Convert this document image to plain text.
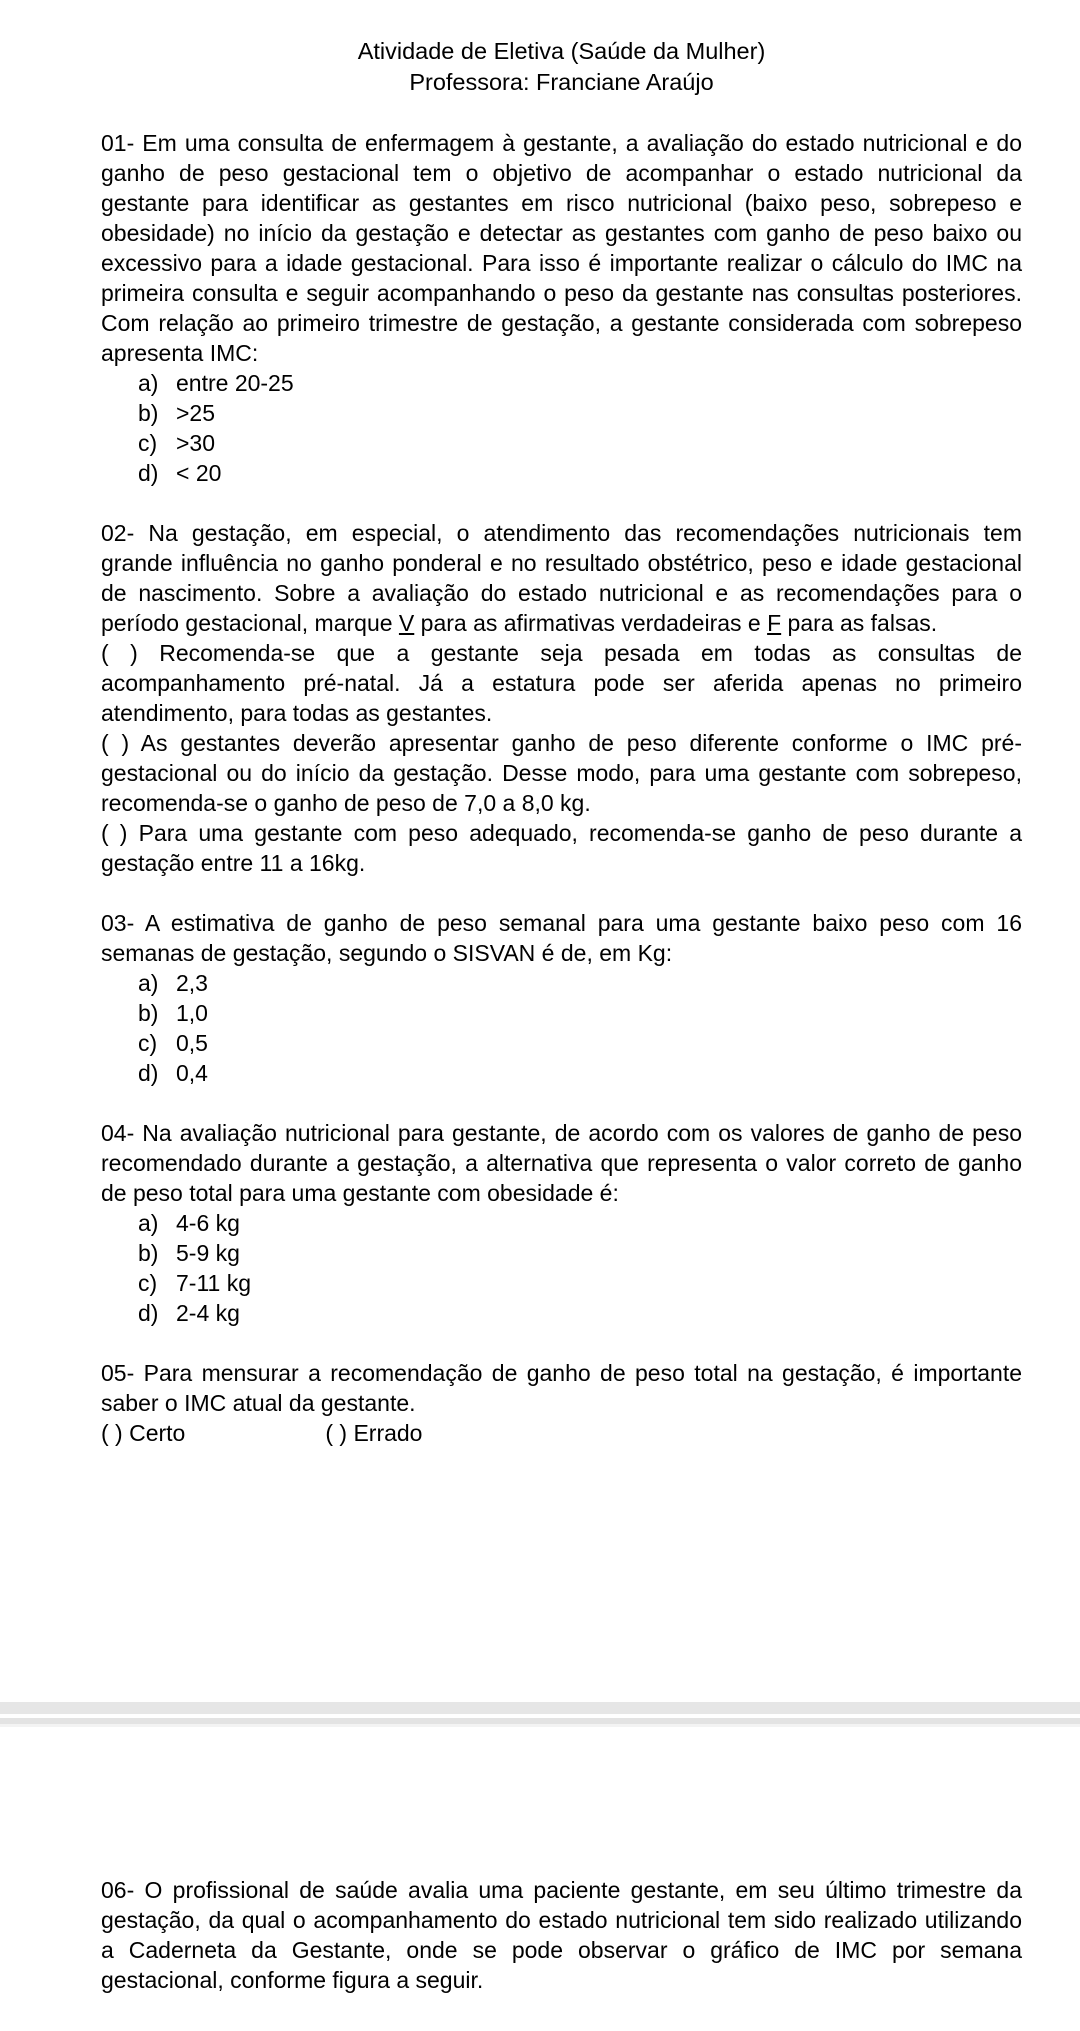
Atividade de Eletiva (Saúde da Mulher)
Professora: Franciane Araújo
01- Em uma consulta de enfermagem à gestante, a avaliação do estado nutricional e do ganho de peso gestacional tem o objetivo de acompanhar o estado nutricional da gestante para identificar as gestantes em risco nutricional (baixo peso, sobrepeso e obesidade) no início da gestação e detectar as gestantes com ganho de peso baixo ou excessivo para a idade gestacional. Para isso é importante realizar o cálculo do IMC na primeira consulta e seguir acompanhando o peso da gestante nas consultas posteriores. Com relação ao primeiro trimestre de gestação, a gestante considerada com sobrepeso apresenta IMC:
a) entre 20-25
b) >25
c) >30
d) < 20
02- Na gestação, em especial, o atendimento das recomendações nutricionais tem grande influência no ganho ponderal e no resultado obstétrico, peso e idade gestacional de nascimento. Sobre a avaliação do estado nutricional e as recomendações para o período gestacional, marque V para as afirmativas verdadeiras e F para as falsas.
( ) Recomenda-se que a gestante seja pesada em todas as consultas de acompanhamento pré-natal. Já a estatura pode ser aferida apenas no primeiro atendimento, para todas as gestantes.
( ) As gestantes deverão apresentar ganho de peso diferente conforme o IMC pré-gestacional ou do início da gestação. Desse modo, para uma gestante com sobrepeso, recomenda-se o ganho de peso de 7,0 a 8,0 kg.
( ) Para uma gestante com peso adequado, recomenda-se ganho de peso durante a gestação entre 11 a 16kg.
03- A estimativa de ganho de peso semanal para uma gestante baixo peso com 16 semanas de gestação, segundo o SISVAN é de, em Kg:
a) 2,3
b) 1,0
c) 0,5
d) 0,4
04- Na avaliação nutricional para gestante, de acordo com os valores de ganho de peso recomendado durante a gestação, a alternativa que representa o valor correto de ganho de peso total para uma gestante com obesidade é:
a) 4-6 kg
b) 5-9 kg
c) 7-11 kg
d) 2-4 kg
05- Para mensurar a recomendação de ganho de peso total na gestação, é importante saber o IMC atual da gestante.
( ) Certo	( ) Errado
06- O profissional de saúde avalia uma paciente gestante, em seu último trimestre da gestação, da qual o acompanhamento do estado nutricional tem sido realizado utilizando a Caderneta da Gestante, onde se pode observar o gráfico de IMC por semana gestacional, conforme figura a seguir.
